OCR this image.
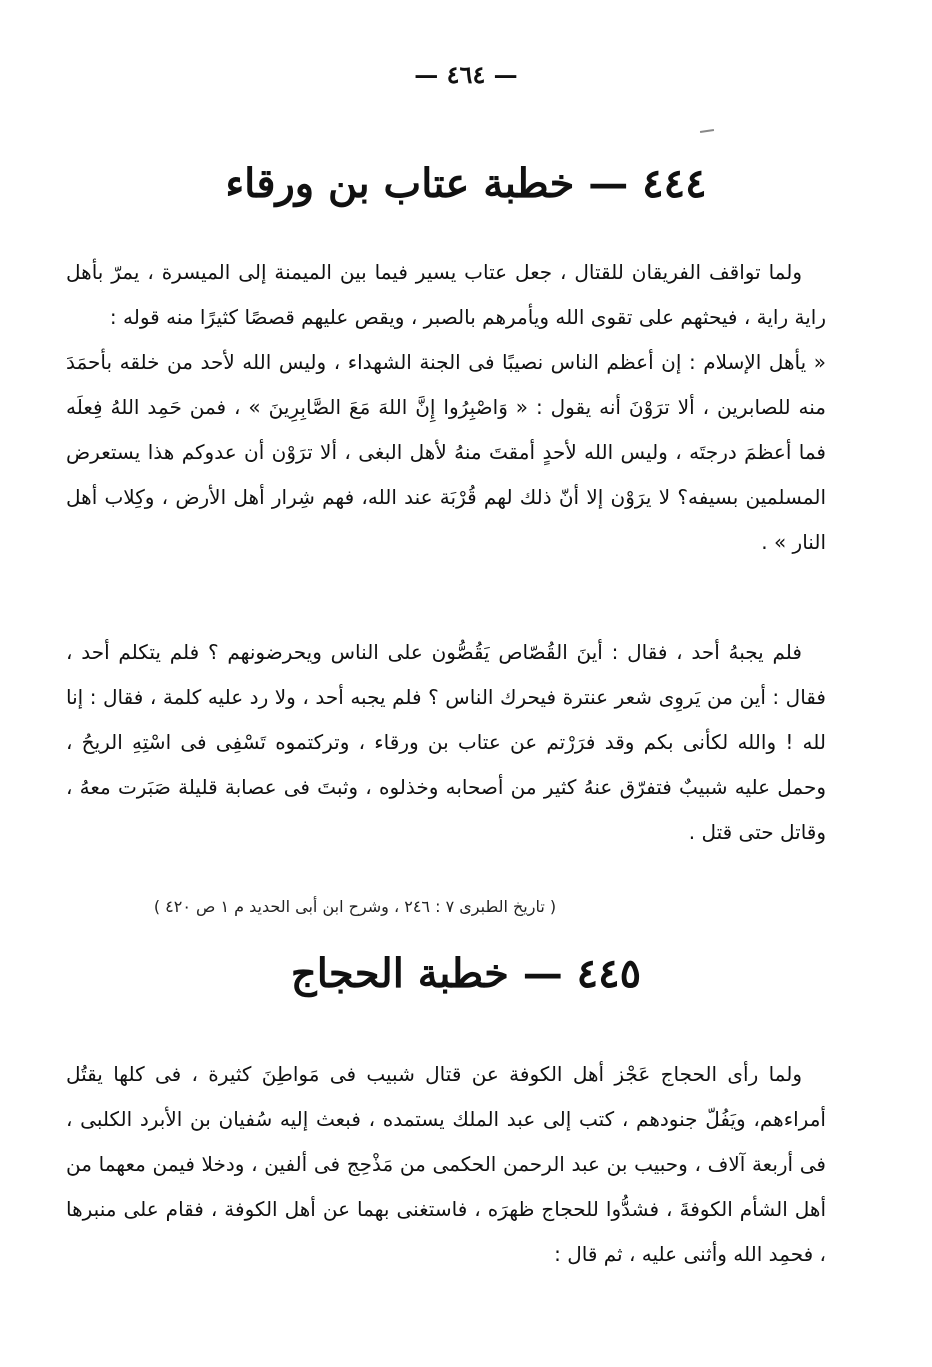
— ٤٦٤ —
٤٤٤ — خطبة عتاب بن ورقاء

ولما تواقف الفريقان للقتال ، جعل عتاب يسير فيما بين الميمنة إلى الميسرة ، يمرّ بأهل راية راية ، فيحثهم على تقوى الله ويأمرهم بالصبر ، ويقص عليهم قصصًا كثيرًا منه قوله :

« يأهل الإسلام : إن أعظم الناس نصيبًا فى الجنة الشهداء ، وليس الله لأحد من خلقه بأحمَدَ منه للصابرين ، ألا ترَوْنَ أنه يقول : « وَاصْبِرُوا إِنَّ اللهَ مَعَ الصَّابِرِينَ » ، فمن حَمِد اللهُ فِعلَه فما أعظمَ درجتَه ، وليس الله لأحدٍ أمقتَ منهُ لأهل البغى ، ألا ترَوْن أن عدوكم هذا يستعرض المسلمين بسيفه؟ لا يرَوْن إلا أنّ ذلك لهم قُرْبَة عند الله، فهم شِرار أهل الأرض ، وكِلاب أهل النار » .

فلم يجبهُ أحد ، فقال : أينَ القُصّاص يَقُصُّون على الناس ويحرضونهم ؟ فلم يتكلم أحد ، فقال : أين من يَروِى شعر عنترة فيحرك الناس ؟ فلم يجبه أحد ، ولا رد عليه كلمة ، فقال : إنا لله ! والله لكأنى بكم وقد فرَرْتم عن عتاب بن ورقاء ، وتركتموه تَسْفِى فى اسْتِهِ الريحُ ، وحمل عليه شبيبٌ فتفرّق عنهُ كثير من أصحابه وخذلوه ، وثبتَ فى عصابة قليلة صَبَرت معهُ ، وقاتل حتى قتل .

( تاريخ الطبرى ٧ : ٢٤٦ ، وشرح ابن أبى الحديد م ١ ص ٤٢٠ )
٤٤٥ — خطبة الحجاج

ولما رأى الحجاج عَجْز أهل الكوفة عن قتال شبيب فى مَواطِنَ كثيرة ، فى كلها يقتُل أمراءهم، ويَفُلّ جنودهم ، كتب إلى عبد الملك يستمده ، فبعث إليه سُفيان بن الأبرد الكلبى ، فى أربعة آلاف ، وحبيب بن عبد الرحمن الحكمى من مَذْحِج فى ألفين ، ودخلا فيمن معهما من أهل الشأم الكوفةَ ، فشدُّوا للحجاج ظهرَه ، فاستغنى بهما عن أهل الكوفة ، فقام على منبرها ، فحمِد الله وأثنى عليه ، ثم قال :
